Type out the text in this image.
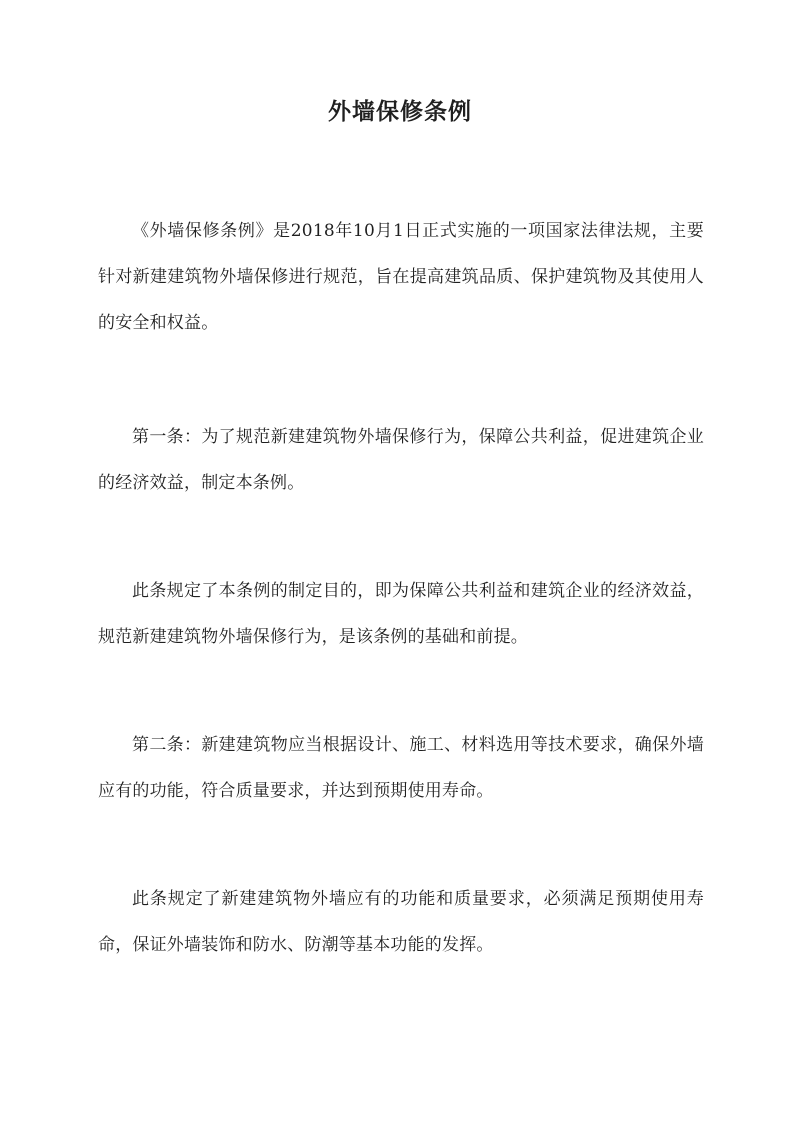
外墙保修条例

《外墙保修条例》是2018年10月1日正式实施的一项国家法律法规，主要针对新建建筑物外墙保修进行规范，旨在提高建筑品质、保护建筑物及其使用人的安全和权益。

第一条：为了规范新建建筑物外墙保修行为，保障公共利益，促进建筑企业的经济效益，制定本条例。

此条规定了本条例的制定目的，即为保障公共利益和建筑企业的经济效益，规范新建建筑物外墙保修行为，是该条例的基础和前提。

第二条：新建建筑物应当根据设计、施工、材料选用等技术要求，确保外墙应有的功能，符合质量要求，并达到预期使用寿命。

此条规定了新建建筑物外墙应有的功能和质量要求，必须满足预期使用寿命，保证外墙装饰和防水、防潮等基本功能的发挥。
